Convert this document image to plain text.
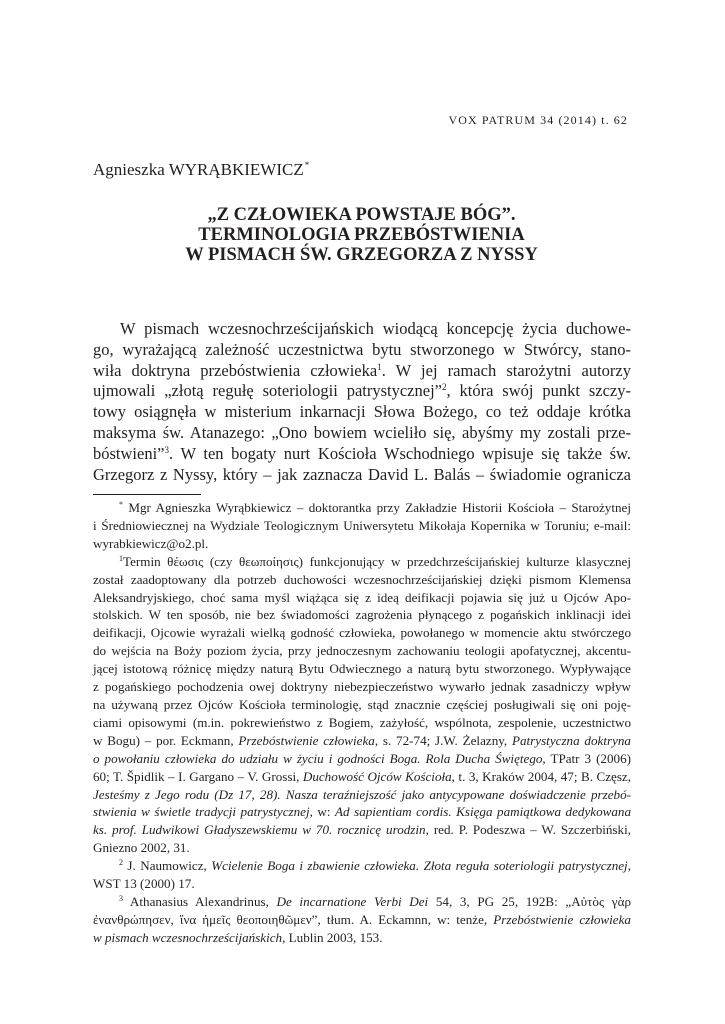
VOX PATRUM 34 (2014) t. 62
Agnieszka WYRĄBKIEWICZ*
„Z CZŁOWIEKA POWSTAJE BÓG”.
TERMINOLOGIA PRZEBÓSTWIENIA
W PISMACH ŚW. GRZEGORZA Z NYSSY
W pismach wczesnochrześcijańskich wiodącą koncepcję życia duchowe-
go, wyrażającą zależność uczestnictwa bytu stworzonego w Stwórcy, stano-
wiła doktryna przebóstwienia człowieka$^1$. W jej ramach starożytni autorzy
ujmowali „złotą regułę soteriologii patrystycznej”$^2$, która swój punkt szczy-
towy osiągnęła w misterium inkarnacji Słowa Bożego, co też oddaje krótka
maksyma św. Atanazego: „Ono bowiem wcieliło się, abyśmy my zostali prze-
bóstwieni”$^3$. W ten bogaty nurt Kościoła Wschodniego wpisuje się także św.
Grzegorz z Nyssy, który – jak zaznacza David L. Balás – świadomie ogranicza
* Mgr Agnieszka Wyrąbkiewicz – doktorantka przy Zakładzie Historii Kościoła – Starożytnej
i Średniowiecznej na Wydziale Teologicznym Uniwersytetu Mikołaja Kopernika w Toruniu; e-mail:
wyrabkiewicz@o2.pl.
$^1$Termin θέωσις (czy θεωποίησις) funkcjonujący w przedchrześcijańskiej kulturze klasycznej
został zaadoptowany dla potrzeb duchowości wczesnochrześcijańskiej dzięki pismom Klemensa
Aleksandryjskiego, choć sama myśl wiążąca się z ideą deifikacji pojawia się już u Ojców Apo-
stolskich. W ten sposób, nie bez świadomości zagrożenia płynącego z pogańskich inklinacji idei
deifikacji, Ojcowie wyrażali wielką godność człowieka, powołanego w momencie aktu stwórczego
do wejścia na Boży poziom życia, przy jednoczesnym zachowaniu teologii apofatycznej, akcentu-
jącej istotową różnicę między naturą Bytu Odwiecznego a naturą bytu stworzonego. Wypływające
z pogańskiego pochodzenia owej doktryny niebezpieczeństwo wywarło jednak zasadniczy wpływ
na używaną przez Ojców Kościoła terminologię, stąd znacznie częściej posługiwali się oni poję-
ciami opisowymi (m.in. pokrewieństwo z Bogiem, zażyłość, wspólnota, zespolenie, uczestnictwo
w Bogu) – por. Eckmann, Przebóstwienie człowieka, s. 72-74; J.W. Żelazny, Patrystyczna doktryna
o powołaniu człowieka do udziału w życiu i godności Boga. Rola Ducha Świętego, TPatr 3 (2006)
60; T. Špidlik – I. Gargano – V. Grossi, Duchowość Ojców Kościoła, t. 3, Kraków 2004, 47; B. Częsz,
Jesteśmy z Jego rodu (Dz 17, 28). Nasza teraźniejszość jako antycypowane doświadczenie przebó-
stwienia w świetle tradycji patrystycznej, w: Ad sapientiam cordis. Księga pamiątkowa dedykowana
ks. prof. Ludwikowi Gładyszewskiemu w 70. rocznicę urodzin, red. P. Podeszwa – W. Szczerbiński,
Gniezno 2002, 31.
$^2$ J. Naumowicz, Wcielenie Boga i zbawienie człowieka. Złota reguła soteriologii patrystycznej,
WST 13 (2000) 17.
$^3$ Athanasius Alexandrinus, De incarnatione Verbi Dei 54, 3, PG 25, 192B: „Αὐτὸς γὰρ
ἐνανθρώπησεν, ἵνα ἡμεῖς θεοποιηθῶμεν”, tłum. A. Eckamnn, w: tenże, Przebóstwienie człowieka
w pismach wczesnochrześcijańskich, Lublin 2003, 153.
